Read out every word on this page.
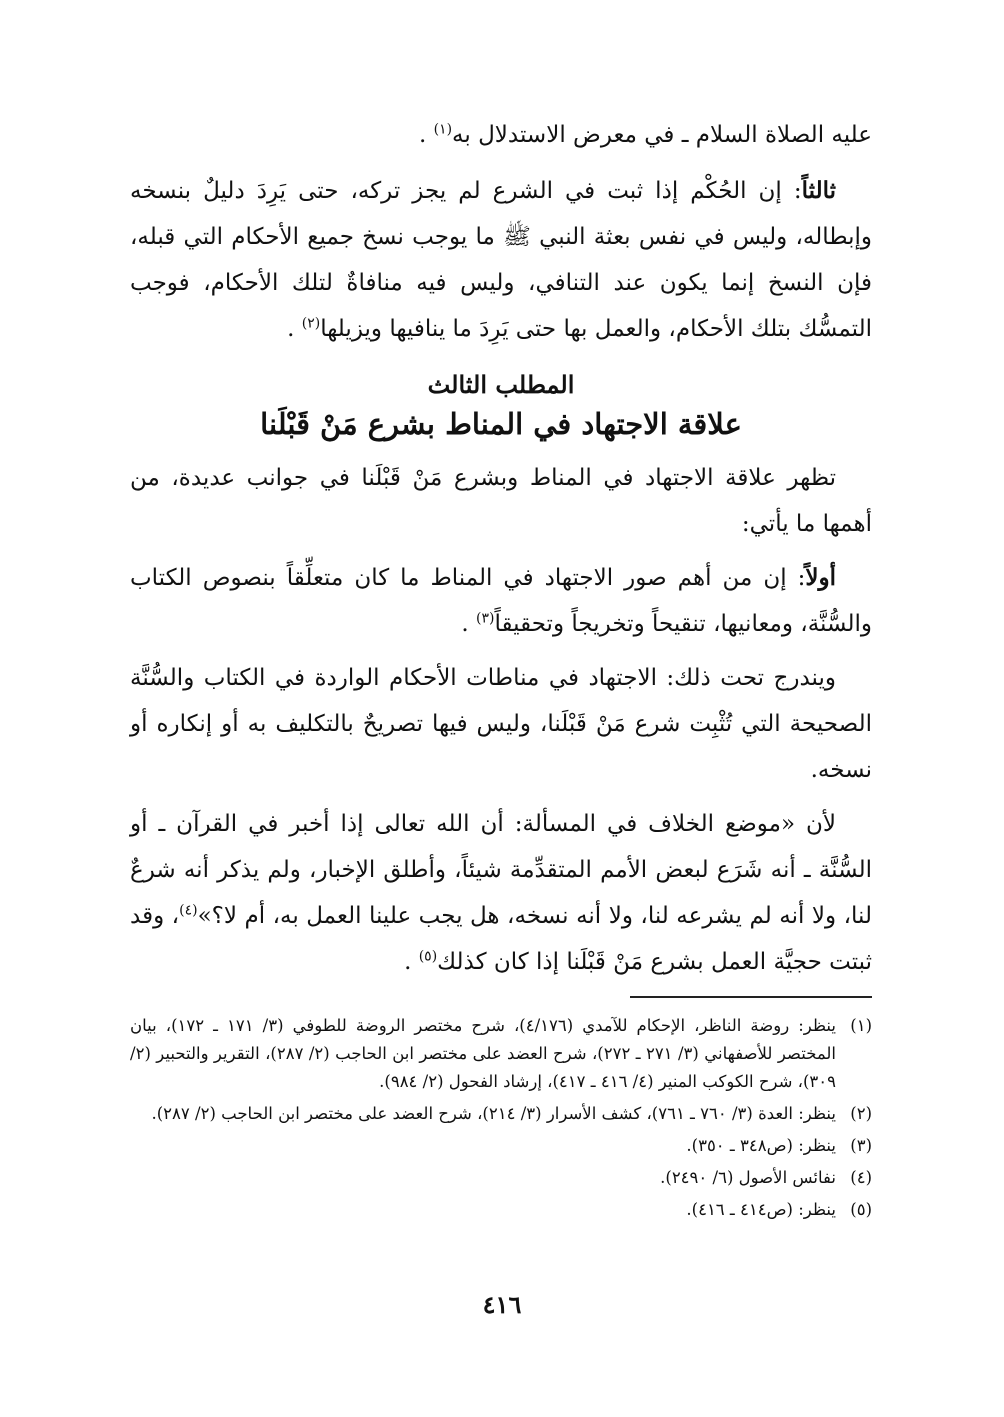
عليه الصلاة السلام ـ في معرض الاستدلال به$^{(١)}$ .

ثالثاً: إن الحُكْم إذا ثبت في الشرع لم يجز تركه، حتى يَرِدَ دليلٌ بنسخه وإبطاله، وليس في نفس بعثة النبي ﷺ ما يوجب نسخ جميع الأحكام التي قبله، فإن النسخ إنما يكون عند التنافي، وليس فيه منافاةٌ لتلك الأحكام، فوجب التمسُّك بتلك الأحكام، والعمل بها حتى يَرِدَ ما ينافيها ويزيلها$^{(٢)}$ .

المطلب الثالث
علاقة الاجتهاد في المناط بشرع مَنْ قَبْلَنا

تظهر علاقة الاجتهاد في المناط وبشرع مَنْ قَبْلَنا في جوانب عديدة، من أهمها ما يأتي:

أولاً: إن من أهم صور الاجتهاد في المناط ما كان متعلِّقاً بنصوص الكتاب والسُّنَّة، ومعانيها، تنقيحاً وتخريجاً وتحقيقاً$^{(٣)}$ .

ويندرج تحت ذلك: الاجتهاد في مناطات الأحكام الواردة في الكتاب والسُّنَّة الصحيحة التي تُثْبِت شرع مَنْ قَبْلَنا، وليس فيها تصريحٌ بالتكليف به أو إنكاره أو نسخه.

لأن «موضع الخلاف في المسألة: أن الله تعالى إذا أخبر في القرآن ـ أو السُّنَّة ـ أنه شَرَع لبعض الأمم المتقدِّمة شيئاً، وأطلق الإخبار، ولم يذكر أنه شرعٌ لنا، ولا أنه لم يشرعه لنا، ولا أنه نسخه، هل يجب علينا العمل به، أم لا؟»$^{(٤)}$، وقد ثبتت حجيَّة العمل بشرع مَنْ قَبْلَنا إذا كان كذلك$^{(٥)}$ .

(١)
ينظر: روضة الناظر، الإحكام للآمدي (٤/١٧٦)، شرح مختصر الروضة للطوفي (٣/ ١٧١ ـ ١٧٢)، بيان المختصر للأصفهاني (٣/ ٢٧١ ـ ٢٧٢)، شرح العضد على مختصر ابن الحاجب (٢/ ٢٨٧)، التقرير والتحبير (٢/ ٣٠٩)، شرح الكوكب المنير (٤/ ٤١٦ ـ ٤١٧)، إرشاد الفحول (٢/ ٩٨٤).
(٢)
ينظر: العدة (٣/ ٧٦٠ ـ ٧٦١)، كشف الأسرار (٣/ ٢١٤)، شرح العضد على مختصر ابن الحاجب (٢/ ٢٨٧).
(٣)
ينظر: (ص٣٤٨ ـ ٣٥٠).
(٤)
نفائس الأصول (٦/ ٢٤٩٠).
(٥)
ينظر: (ص٤١٤ ـ ٤١٦).
٤١٦
